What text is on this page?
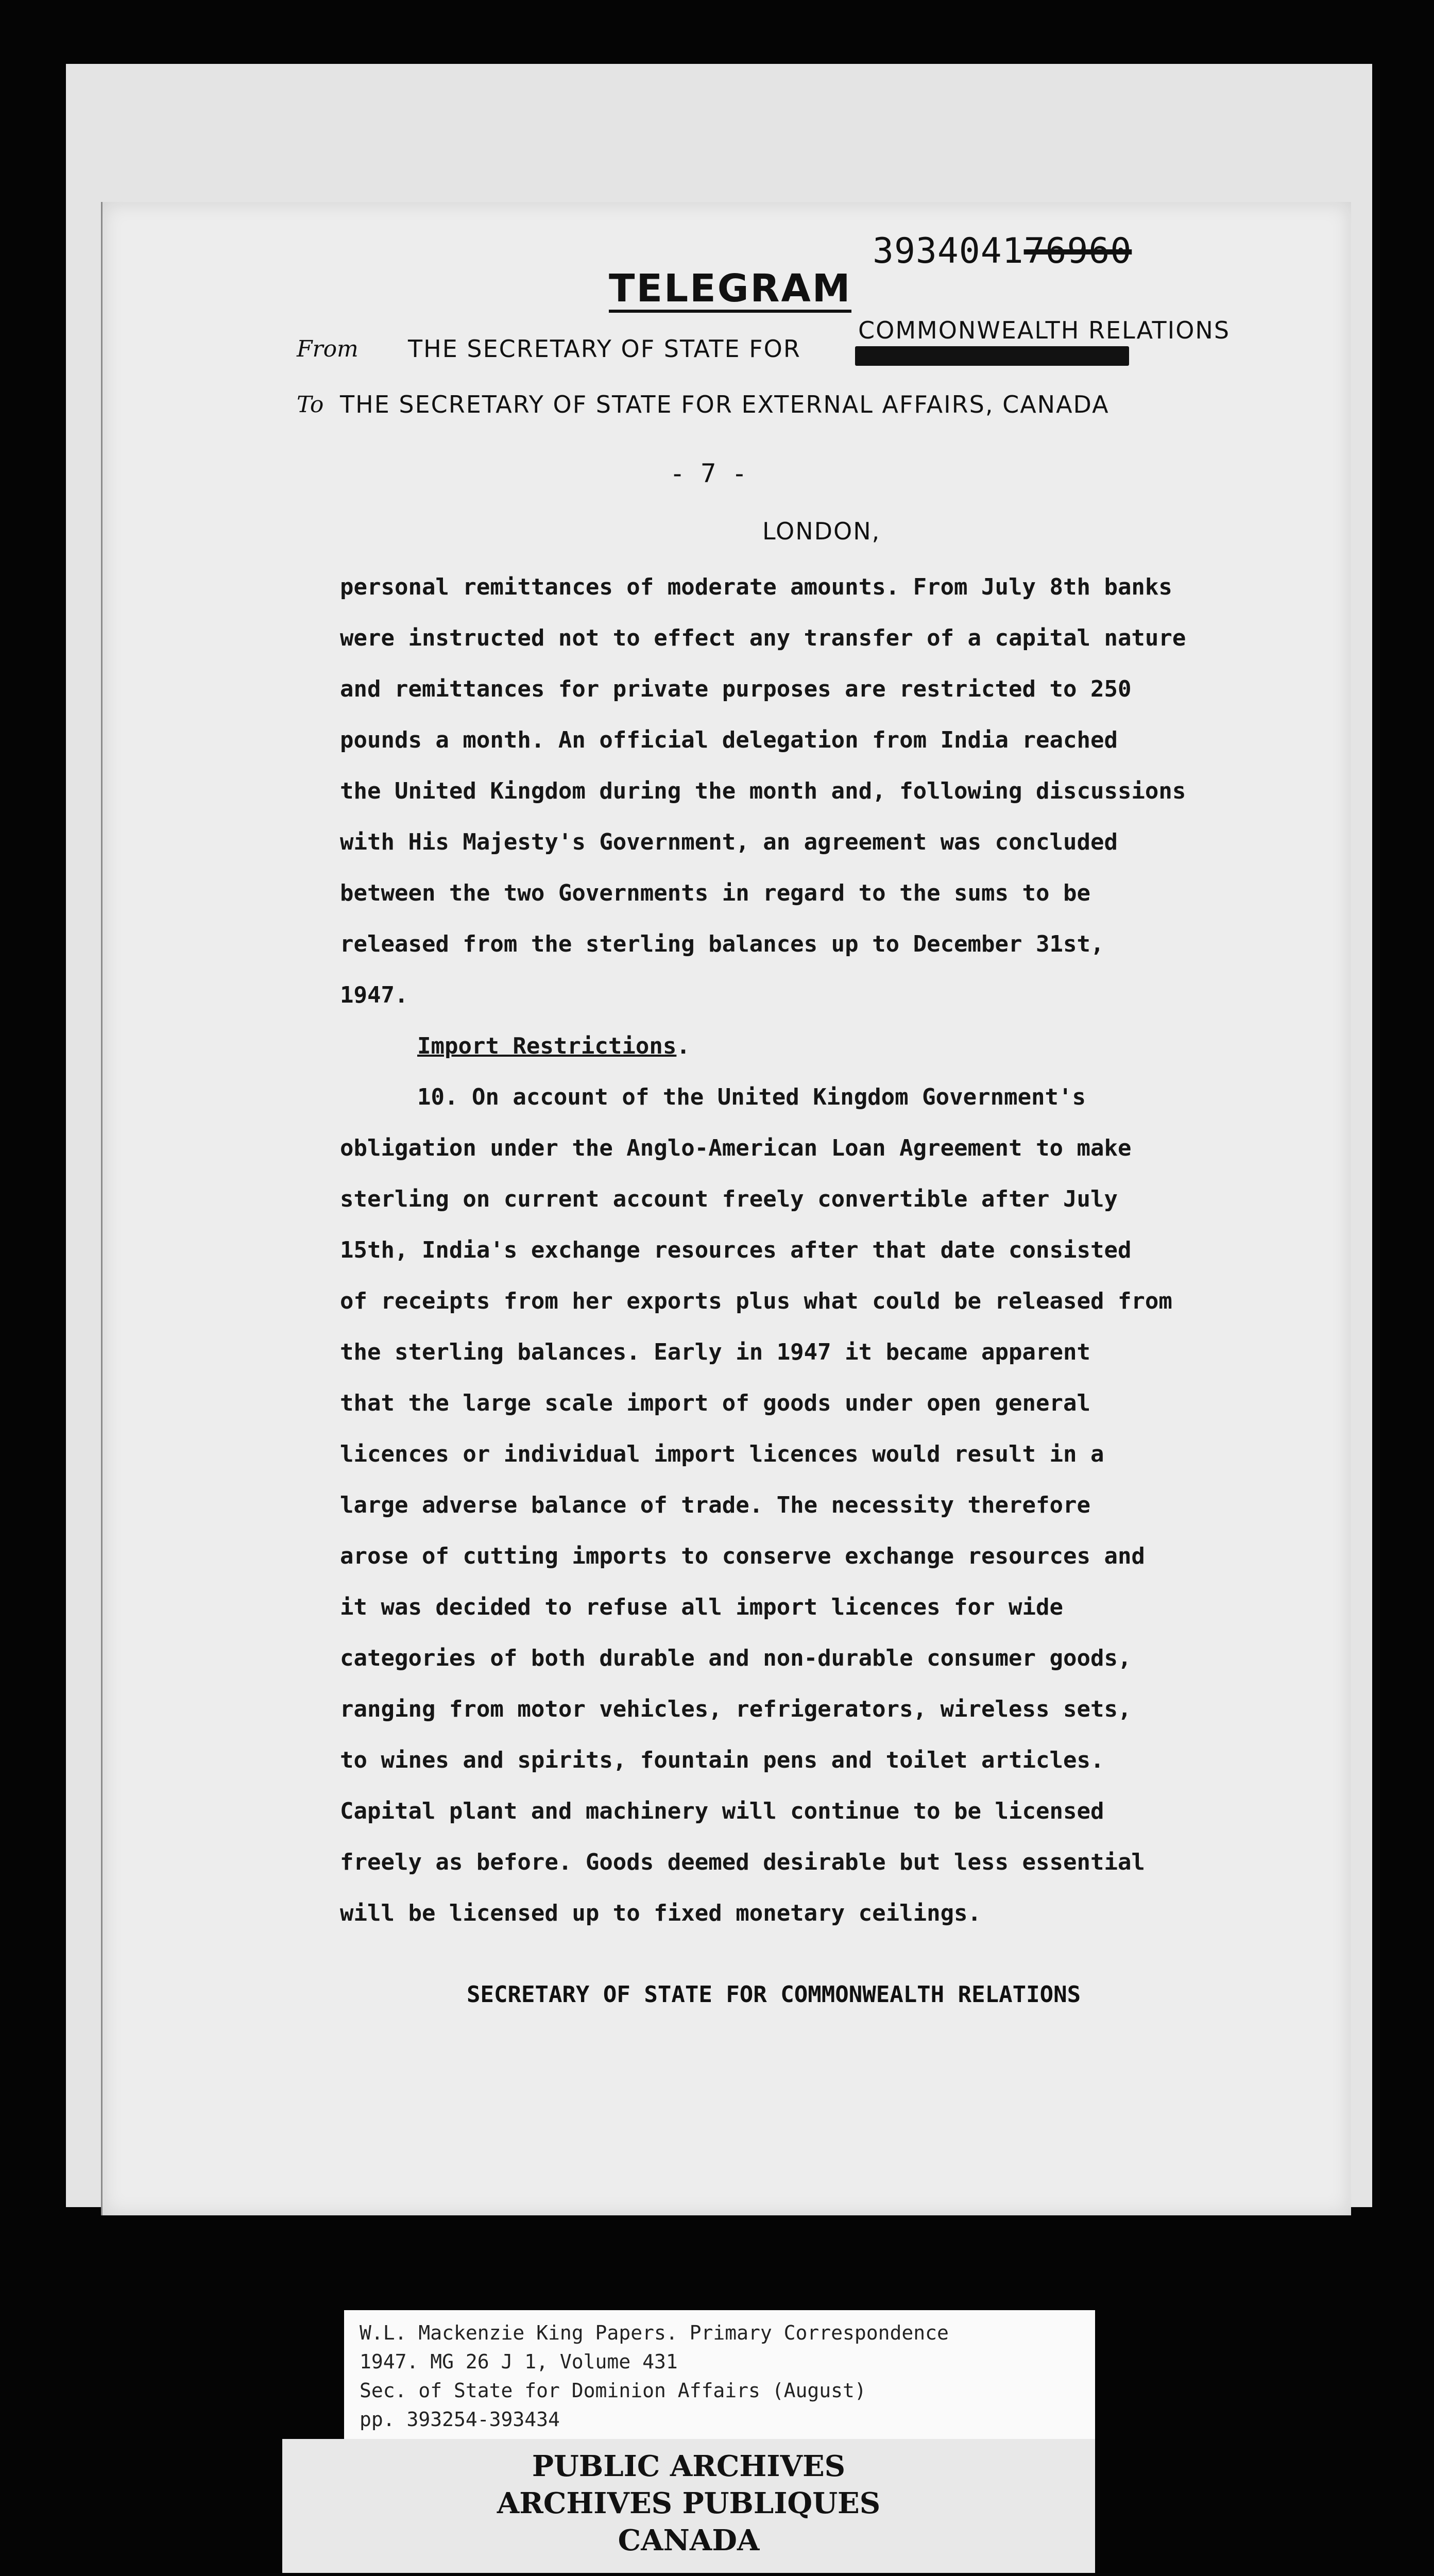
393404176960
TELEGRAM
COMMONWEALTH RELATIONS
From THE SECRETARY OF STATE FOR
To THE SECRETARY OF STATE FOR EXTERNAL AFFAIRS, CANADA
- 7 -
LONDON,
personal remittances of moderate amounts. From July 8th banks
were instructed not to effect any transfer of a capital nature
and remittances for private purposes are restricted to 250
pounds a month. An official delegation from India reached
the United Kingdom during the month and, following discussions
with His Majesty's Government, an agreement was concluded
between the two Governments in regard to the sums to be
released from the sterling balances up to December 31st,
1947.
Import Restrictions.
10. On account of the United Kingdom Government's
obligation under the Anglo-American Loan Agreement to make
sterling on current account freely convertible after July
15th, India's exchange resources after that date consisted
of receipts from her exports plus what could be released from
the sterling balances. Early in 1947 it became apparent
that the large scale import of goods under open general
licences or individual import licences would result in a
large adverse balance of trade. The necessity therefore
arose of cutting imports to conserve exchange resources and
it was decided to refuse all import licences for wide
categories of both durable and non-durable consumer goods,
ranging from motor vehicles, refrigerators, wireless sets,
to wines and spirits, fountain pens and toilet articles.
Capital plant and machinery will continue to be licensed
freely as before. Goods deemed desirable but less essential
will be licensed up to fixed monetary ceilings.
SECRETARY OF STATE FOR COMMONWEALTH RELATIONS
W.L. Mackenzie King Papers. Primary Correspondence
1947. MG 26 J 1, Volume 431
Sec. of State for Dominion Affairs (August)
pp. 393254-393434
PUBLIC ARCHIVES
ARCHIVES PUBLIQUES
CANADA
